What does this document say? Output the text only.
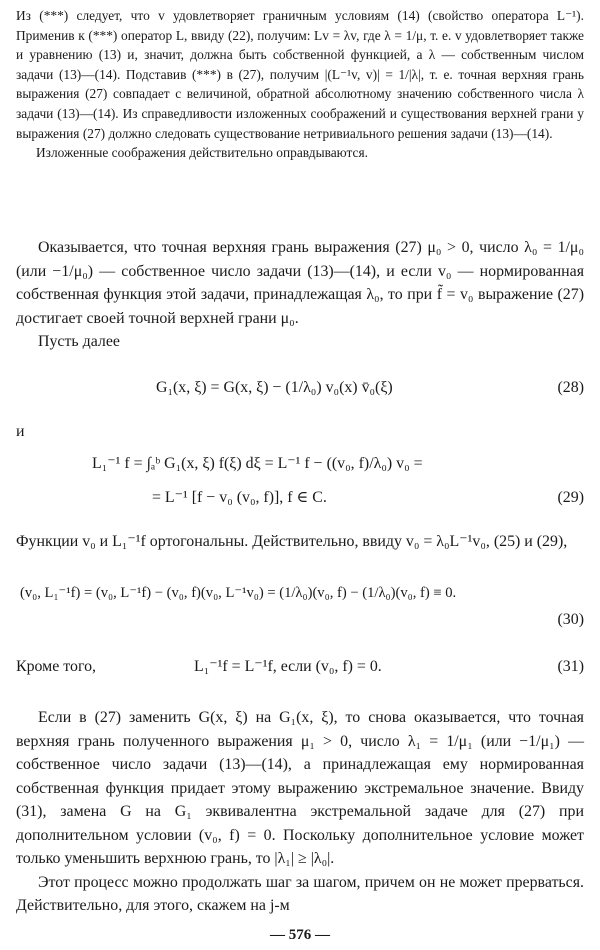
Из (***) следует, что v удовлетворяет граничным условиям (14) (свойство оператора L⁻¹). Применив к (***) оператор L, ввиду (22), получим: Lv = λv, где λ = 1/μ, т. е. v удовлетворяет также и уравнению (13) и, значит, должна быть собственной функцией, а λ — собственным числом задачи (13)—(14). Подставив (***) в (27), получим |(L⁻¹v, v)| = 1/|λ|, т. е. точная верхняя грань выражения (27) совпадает с величиной, обратной абсолютному значению собственного числа λ задачи (13)—(14). Из справедливости изложенных соображений и существования верхней грани у выражения (27) должно следовать существование нетривиального решения задачи (13)—(14).

Изложенные соображения действительно оправдываются.

Оказывается, что точная верхняя грань выражения (27) μ₀ > 0, число λ₀ = 1/μ₀ (или −1/μ₀) — собственное число задачи (13)—(14), и если v₀ — нормированная собственная функция этой задачи, принадлежащая λ₀, то при f̃ = v₀ выражение (27) достигает своей точной верхней грани μ₀.

Пусть далее

G₁(x, ξ) = G(x, ξ) − (1/λ₀) v₀(x) v̄₀(ξ)	(28)
и
L₁⁻¹ f = ∫ₐᵇ G₁(x, ξ) f(ξ) dξ = L⁻¹ f − ((v₀, f)/λ₀) v₀ =
= L⁻¹ [f − v₀ (v₀, f)], f ∈ C.	(29)

Функции v₀ и L₁⁻¹f ортогональны. Действительно, ввиду v₀ = λ₀L⁻¹v₀, (25) и (29),

(v₀, L₁⁻¹f) = (v₀, L⁻¹f) − (v₀, f)(v₀, L⁻¹v₀) = (1/λ₀)(v₀, f) − (1/λ₀)(v₀, f) ≡ 0.
(30)
Кроме того,	L₁⁻¹f = L⁻¹f, если (v₀, f) = 0.	(31)

Если в (27) заменить G(x, ξ) на G₁(x, ξ), то снова оказывается, что точная верхняя грань полученного выражения μ₁ > 0, число λ₁ = 1/μ₁ (или −1/μ₁) — собственное число задачи (13)—(14), а принадлежащая ему нормированная собственная функция придает этому выражению экстремальное значение. Ввиду (31), замена G на G₁ эквивалентна экстремальной задаче для (27) при дополнительном условии (v₀, f) = 0. Поскольку дополнительное условие может только уменьшить верхнюю грань, то |λ₁| ≥ |λ₀|.

Этот процесс можно продолжать шаг за шагом, причем он не может прерваться. Действительно, для этого, скажем на j-м

— 576 —
